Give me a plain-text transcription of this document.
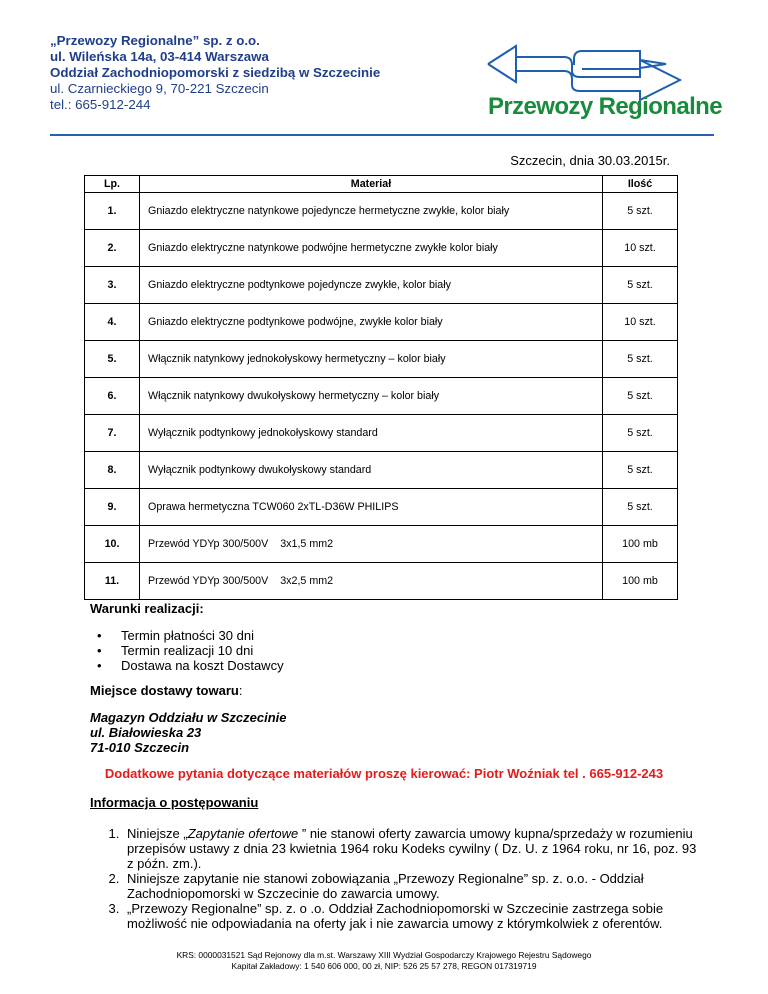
„Przewozy Regionalne” sp. z o.o.
ul. Wileńska 14a, 03-414 Warszawa
Oddział Zachodniopomorski z siedzibą w Szczecinie
ul. Czarnieckiego 9, 70-221 Szczecin
tel.: 665-912-244	Przewozy Regionalne
Szczecin, dnia 30.03.2015r.
Lp.	Materiał	Ilość
1.	Gniazdo elektryczne natynkowe pojedyncze hermetyczne zwykłe, kolor biały	5 szt.
2.	Gniazdo elektryczne natynkowe podwójne hermetyczne zwykłe kolor biały	10 szt.
3.	Gniazdo elektryczne podtynkowe pojedyncze zwykłe, kolor biały	5 szt.
4.	Gniazdo elektryczne podtynkowe podwójne, zwykłe kolor biały	10 szt.
5.	Włącznik natynkowy jednokołyskowy hermetyczny – kolor biały	5 szt.
6.	Włącznik natynkowy dwukołyskowy hermetyczny – kolor biały	5 szt.
7.	Wyłącznik podtynkowy jednokołyskowy standard	5 szt.
8.	Wyłącznik podtynkowy dwukołyskowy standard	5 szt.
9.	Oprawa hermetyczna TCW060 2xTL-D36W PHILIPS	5 szt.
10.	Przewód YDYp 300/500V 3x1,5 mm2	100 mb
11.	Przewód YDYp 300/500V 3x2,5 mm2	100 mb
Warunki realizacji:
• Termin płatności 30 dni
• Termin realizacji 10 dni
• Dostawa na koszt Dostawcy
Miejsce dostawy towaru:
Magazyn Oddziału w Szczecinie
ul. Białowieska 23
71-010 Szczecin
Dodatkowe pytania dotyczące materiałów proszę kierować: Piotr Woźniak tel . 665-912-243
Informacja o postępowaniu
1. Niniejsze „Zapytanie ofertowe ” nie stanowi oferty zawarcia umowy kupna/sprzedaży w rozumieniu przepisów ustawy z dnia 23 kwietnia 1964 roku Kodeks cywilny ( Dz. U. z 1964 roku, nr 16, poz. 93 z późn. zm.).
2. Niniejsze zapytanie nie stanowi zobowiązania „Przewozy Regionalne” sp. z. o.o. - Oddział Zachodniopomorski w Szczecinie do zawarcia umowy.
3. „Przewozy Regionalne” sp. z. o .o. Oddział Zachodniopomorski w Szczecinie zastrzega sobie możliwość nie odpowiadania na oferty jak i nie zawarcia umowy z którymkolwiek z oferentów.
KRS: 0000031521 Sąd Rejonowy dla m.st. Warszawy XIII Wydział Gospodarczy Krajowego Rejestru Sądowego
Kapitał Zakładowy: 1 540 606 000, 00 zł, NIP: 526 25 57 278, REGON 017319719
